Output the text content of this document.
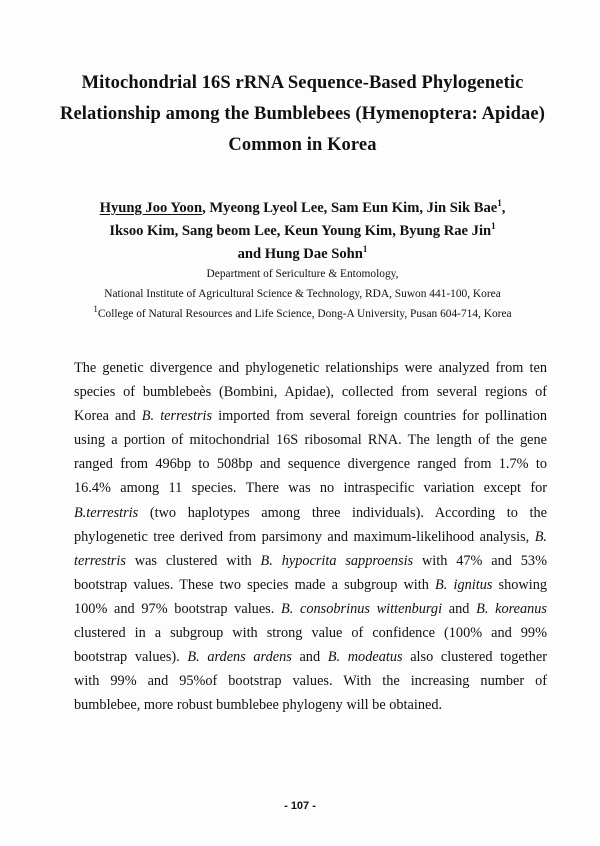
Mitochondrial 16S rRNA Sequence-Based Phylogenetic
Relationship among the Bumblebees (Hymenoptera: Apidae)
Common in Korea
Hyung Joo Yoon, Myeong Lyeol Lee, Sam Eun Kim, Jin Sik Bae$^1$,
Iksoo Kim, Sang beom Lee, Keun Young Kim, Byung Rae Jin$^1$
and Hung Dae Sohn$^1$
Department of Sericulture & Entomology,
National Institute of Agricultural Science & Technology, RDA, Suwon 441-100, Korea
$^1$College of Natural Resources and Life Science, Dong-A University, Pusan 604-714, Korea
The genetic divergence and phylogenetic relationships were analyzed from ten
species of bumblebeès (Bombini, Apidae), collected from several regions of
Korea and B. terrestris imported from several foreign countries for pollination
using a portion of mitochondrial 16S ribosomal RNA. The length of the gene
ranged from 496bp to 508bp and sequence divergence ranged from 1.7% to
16.4% among 11 species. There was no intraspecific variation except for
B.terrestris (two haplotypes among three individuals). According to the
phylogenetic tree derived from parsimony and maximum-likelihood analysis, B.
terrestris was clustered with B. hypocrita sapproensis with 47% and 53%
bootstrap values. These two species made a subgroup with B. ignitus showing
100% and 97% bootstrap values. B. consobrinus wittenburgi and B. koreanus
clustered in a subgroup with strong value of confidence (100% and 99%
bootstrap values). B. ardens ardens and B. modeatus also clustered together
with 99% and 95%of bootstrap values. With the increasing number of
bumblebee, more robust bumblebee phylogeny will be obtained.
- 107 -
